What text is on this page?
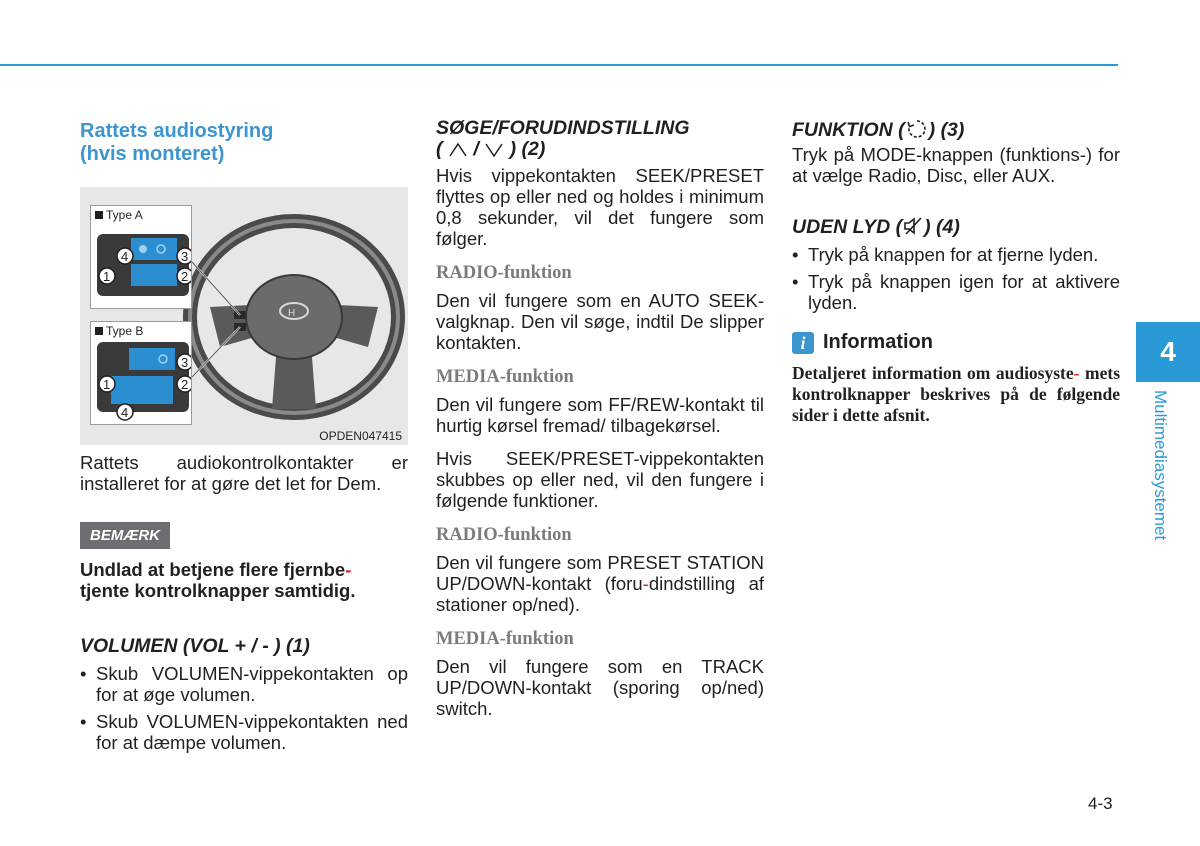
Rattets audiostyring
(hvis monteret)
H
Type A
1	2
3
4
Type B
1	2
3
4
OPDEN047415
Rattets audiokontrolkontakter er installeret for at gøre det let for Dem.
BEMÆRK
Undlad at betjene flere fjernbe-
tjente kontrolknapper samtidig.
VOLUMEN (VOL + / - ) (1)
• Skub VOLUMEN-vippekontakten op for at øge volumen.
• Skub VOLUMEN-vippekontakten ned for at dæmpe volumen.
SØGE/FORUDINDSTILLING
( / ) (2)
Hvis vippekontakten SEEK/PRESET flyttes op eller ned og holdes i minimum 0,8 sekunder, vil det fungere som følger.
RADIO-funktion
Den vil fungere som en AUTO SEEK-valgknap. Den vil søge, indtil De slipper kontakten.
MEDIA-funktion
Den vil fungere som FF/REW-kontakt til hurtig kørsel fremad/ tilbagekørsel.
Hvis SEEK/PRESET-vippekontakten skubbes op eller ned, vil den fungere i følgende funktioner.
RADIO-funktion
Den vil fungere som PRESET STATION UP/DOWN-kontakt (foru-dindstilling af stationer op/ned).
MEDIA-funktion
Den vil fungere som en TRACK UP/DOWN-kontakt (sporing op/ned) switch.
FUNKTION ( ) (3)
Tryk på MODE-knappen (funktions-) for at vælge Radio, Disc, eller AUX.
UDEN LYD ( ) (4)
• Tryk på knappen for at fjerne lyden.
• Tryk på knappen igen for at aktivere lyden.
i Information
Detaljeret information om audiosyste- mets kontrolknapper beskrives på de følgende sider i dette afsnit.
4
Multimediasystemet
4-3
